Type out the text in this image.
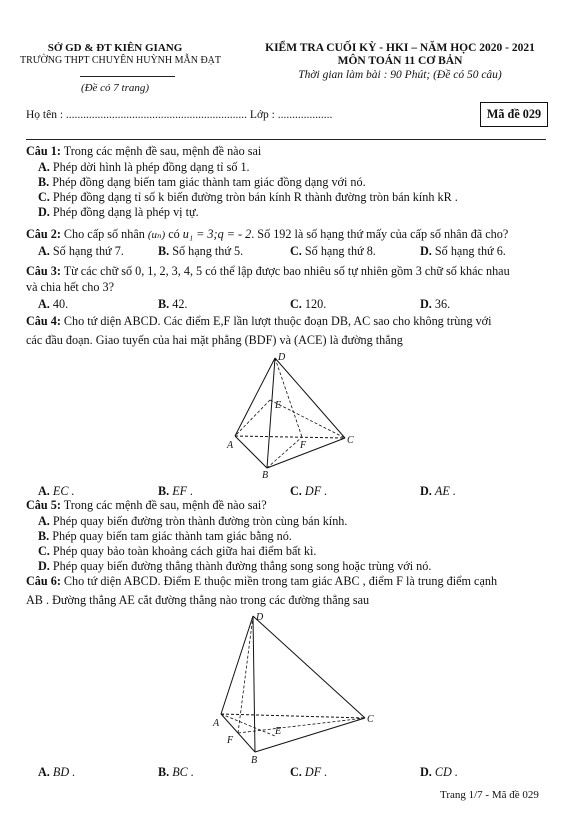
SỞ GD & ĐT KIÊN GIANG
TRƯỜNG THPT CHUYÊN HUỲNH MẪN ĐẠT
(Đề có 7 trang)
KIỂM TRA CUỐI KỲ - HKI – NĂM HỌC 2020 - 2021
MÔN TOÁN 11 CƠ BẢN
Thời gian làm bài : 90 Phút; (Đề có 50 câu)
Họ tên : ............................................................... Lớp : ...................	Mã đề 029
Câu 1: Trong các mệnh đề sau, mệnh đề nào sai
A. Phép dời hình là phép đồng dạng tỉ số 1.
B. Phép đồng dạng biến tam giác thành tam giác đồng dạng với nó.
C. Phép đồng dạng tỉ số k biến đường tròn bán kính R thành đường tròn bán kính kR .
D. Phép đồng dạng là phép vị tự.
Câu 2: Cho cấp số nhân (uₙ) có u₁ = 3;q = - 2. Số 192 là số hạng thứ mấy của cấp số nhân đã cho?
A. Số hạng thứ 7.	B. Số hạng thứ 5.	C. Số hạng thứ 8.	D. Số hạng thứ 6.
Câu 3: Từ các chữ số 0, 1, 2, 3, 4, 5 có thể lập được bao nhiêu số tự nhiên gồm 3 chữ số khác nhau
và chia hết cho 3?
A. 40.	B. 42.	C. 120.	D. 36.
Câu 4: Cho tứ diện ABCD. Các điểm E,F lần lượt thuộc đoạn DB, AC sao cho không trùng với
các đầu đoạn. Giao tuyến của hai mặt phẳng (BDF) và (ACE) là đường thẳng
D
E
A	F	C
B
A. EC .	B. EF .	C. DF .	D. AE .
Câu 5: Trong các mệnh đề sau, mệnh đề nào sai?
A. Phép quay biến đường tròn thành đường tròn cùng bán kính.
B. Phép quay biến tam giác thành tam giác bằng nó.
C. Phép quay bảo toàn khoảng cách giữa hai điểm bất kì.
D. Phép quay biến đường thẳng thành đường thẳng song song hoặc trùng với nó.
Câu 6: Cho tứ diện ABCD. Điểm E thuộc miền trong tam giác ABC , điểm F là trung điểm cạnh
AB . Đường thẳng AE cắt đường thẳng nào trong các đường thẳng sau
D
A
F
E
C
B
A. BD .	B. BC .	C. DF .	D. CD .
Trang 1/7 - Mã đề 029
